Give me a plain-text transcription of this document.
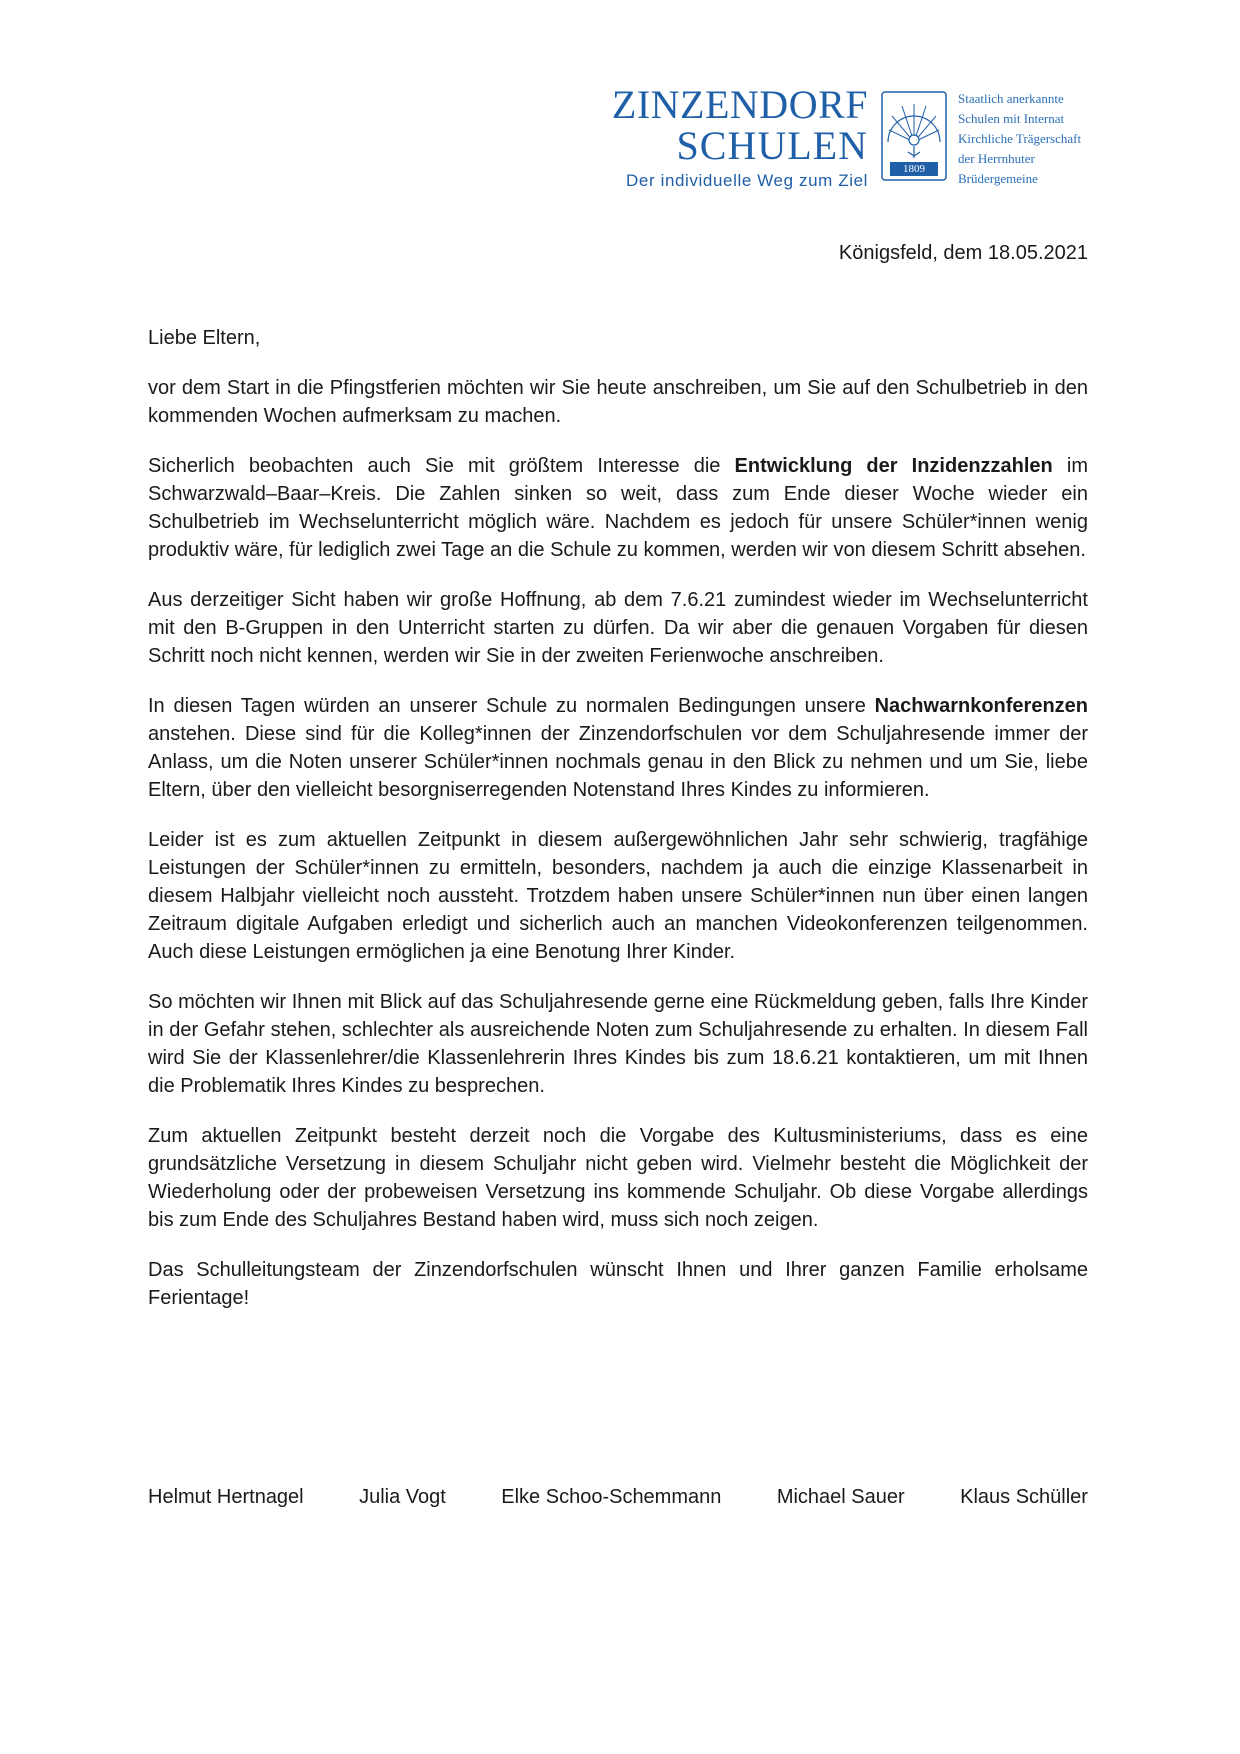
ZINZENDORF
SCHULEN
Der individuelle Weg zum Ziel
1809
Staatlich anerkannte
Schulen mit Internat
Kirchliche Trägerschaft
der Herrnhuter
Brüdergemeine
Königsfeld, dem 18.05.2021

Liebe Eltern,

vor dem Start in die Pfingstferien möchten wir Sie heute anschreiben, um Sie auf den Schulbetrieb in den kommenden Wochen aufmerksam zu machen.

Sicherlich beobachten auch Sie mit größtem Interesse die Entwicklung der Inzidenzzahlen im Schwarzwald–Baar–Kreis. Die Zahlen sinken so weit, dass zum Ende dieser Woche wieder ein Schulbetrieb im Wechselunterricht möglich wäre. Nachdem es jedoch für unsere Schüler*innen wenig produktiv wäre, für lediglich zwei Tage an die Schule zu kommen, werden wir von diesem Schritt absehen.

Aus derzeitiger Sicht haben wir große Hoffnung, ab dem 7.6.21 zumindest wieder im Wechselunterricht mit den B-Gruppen in den Unterricht starten zu dürfen. Da wir aber die genauen Vorgaben für diesen Schritt noch nicht kennen, werden wir Sie in der zweiten Ferienwoche anschreiben.

In diesen Tagen würden an unserer Schule zu normalen Bedingungen unsere Nachwarnkonferenzen anstehen. Diese sind für die Kolleg*innen der Zinzendorfschulen vor dem Schuljahresende immer der Anlass, um die Noten unserer Schüler*innen nochmals genau in den Blick zu nehmen und um Sie, liebe Eltern, über den vielleicht besorgniserregenden Notenstand Ihres Kindes zu informieren.

Leider ist es zum aktuellen Zeitpunkt in diesem außergewöhnlichen Jahr sehr schwierig, tragfähige Leistungen der Schüler*innen zu ermitteln, besonders, nachdem ja auch die einzige Klassenarbeit in diesem Halbjahr vielleicht noch aussteht. Trotzdem haben unsere Schüler*innen nun über einen langen Zeitraum digitale Aufgaben erledigt und sicherlich auch an manchen Videokonferenzen teilgenommen. Auch diese Leistungen ermöglichen ja eine Benotung Ihrer Kinder.

So möchten wir Ihnen mit Blick auf das Schuljahresende gerne eine Rückmeldung geben, falls Ihre Kinder in der Gefahr stehen, schlechter als ausreichende Noten zum Schuljahresende zu erhalten. In diesem Fall wird Sie der Klassenlehrer/die Klassenlehrerin Ihres Kindes bis zum 18.6.21 kontaktieren, um mit Ihnen die Problematik Ihres Kindes zu besprechen.

Zum aktuellen Zeitpunkt besteht derzeit noch die Vorgabe des Kultusministeriums, dass es eine grundsätzliche Versetzung in diesem Schuljahr nicht geben wird. Vielmehr besteht die Möglichkeit der Wiederholung oder der probeweisen Versetzung ins kommende Schuljahr. Ob diese Vorgabe allerdings bis zum Ende des Schuljahres Bestand haben wird, muss sich noch zeigen.

Das Schulleitungsteam der Zinzendorfschulen wünscht Ihnen und Ihrer ganzen Familie erholsame Ferientage!

Helmut Hertnagel	Julia Vogt	Elke Schoo-Schemmann	Michael Sauer	Klaus Schüller
